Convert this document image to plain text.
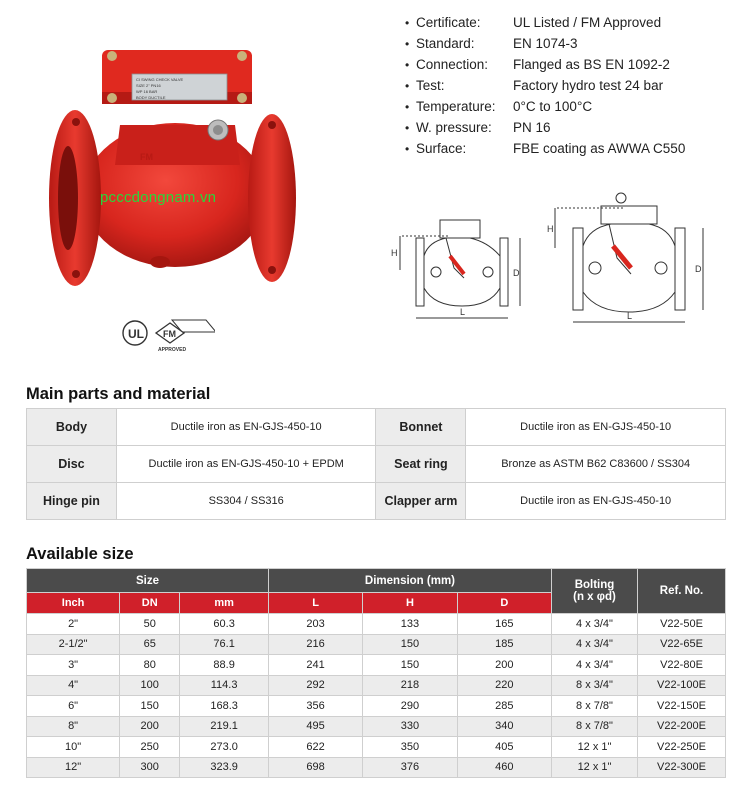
CI SWING CHECK VALVE
SIZE 2" PN16
WP 16 BAR
BODY DUCTILE
FM
pcccdongnam.vn
UL FM
APPROVED
• Certificate:	UL Listed / FM Approved
• Standard:	EN 1074-3
• Connection:	Flanged as BS EN 1092-2
• Test:	Factory hydro test 24 bar
• Temperature:	0°C to 100°C
• W. pressure:	PN 16
• Surface:	FBE coating as AWWA C550
H
D
L
H
D
L
Main parts and material
Body	Ductile iron as EN-GJS-450-10	Bonnet	Ductile iron as EN-GJS-450-10
Disc	Ductile iron as EN-GJS-450-10 + EPDM	Seat ring	Bronze as ASTM B62 C83600 / SS304
Hinge pin	SS304 / SS316	Clapper arm	Ductile iron as EN-GJS-450-10
Available size
Size			Dimension (mm)			Bolting
(n x φd)	Ref. No.
Inch	DN	mm	L	H	D		
2"	50	60.3	203	133	165	4 x 3/4"	V22-50E
2-1/2"	65	76.1	216	150	185	4 x 3/4"	V22-65E
3"	80	88.9	241	150	200	4 x 3/4"	V22-80E
4"	100	114.3	292	218	220	8 x 3/4"	V22-100E
6"	150	168.3	356	290	285	8 x 7/8"	V22-150E
8"	200	219.1	495	330	340	8 x 7/8"	V22-200E
10"	250	273.0	622	350	405	12 x 1"	V22-250E
12"	300	323.9	698	376	460	12 x 1"	V22-300E
